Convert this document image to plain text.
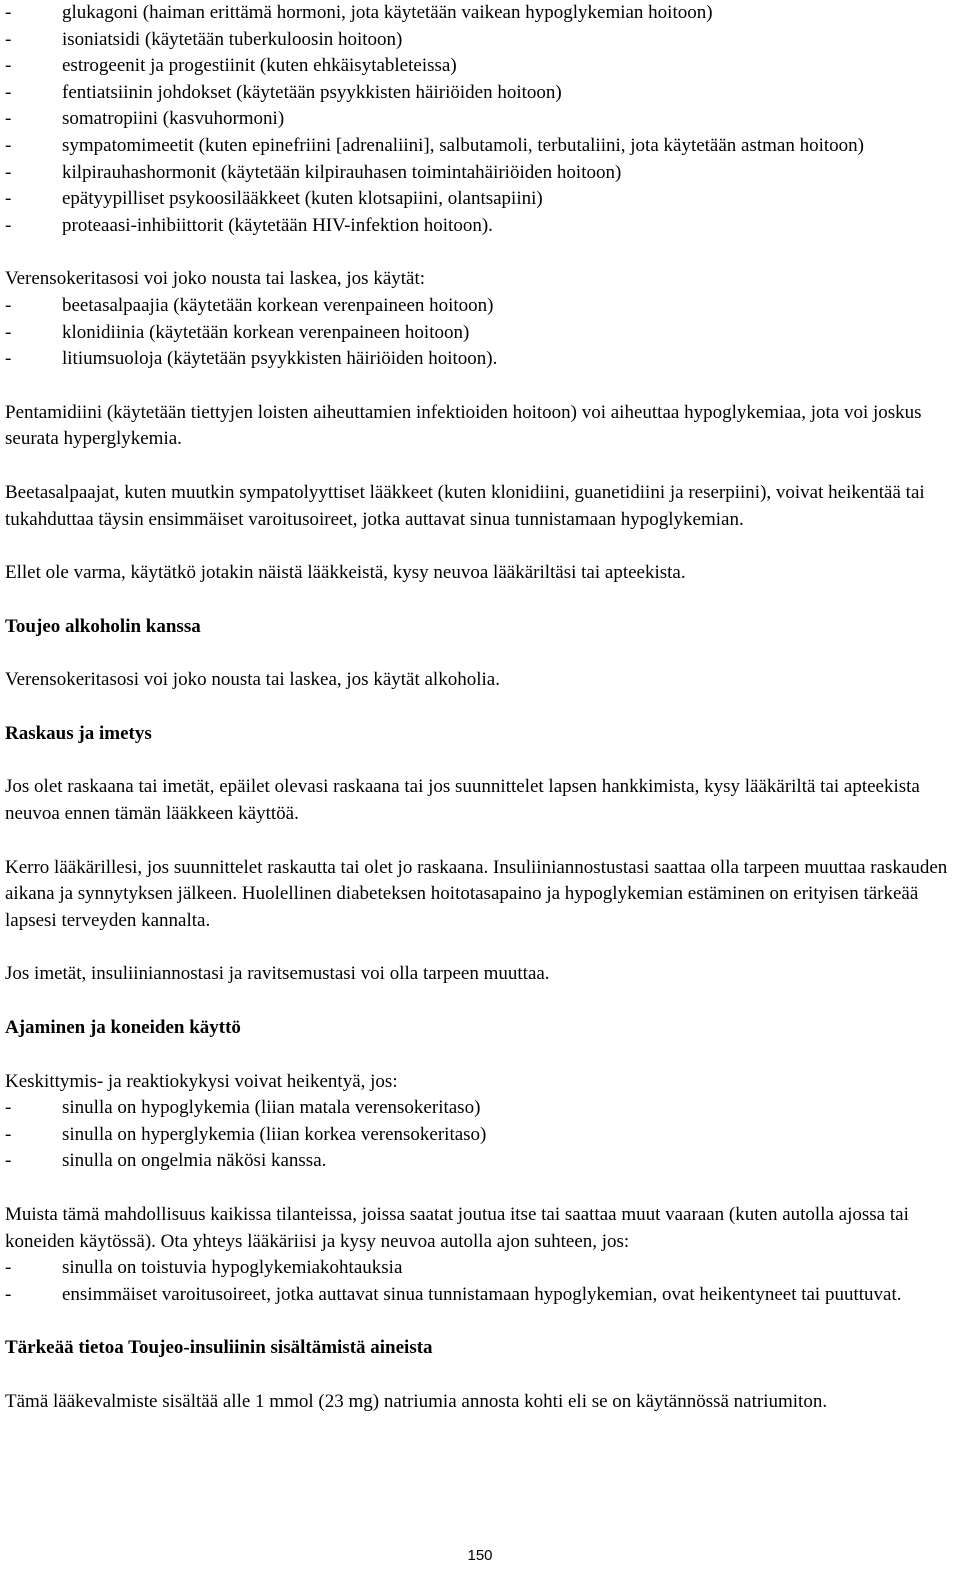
-	glukagoni (haiman erittämä hormoni, jota käytetään vaikean hypoglykemian hoitoon)
-	isoniatsidi (käytetään tuberkuloosin hoitoon)
-	estrogeenit ja progestiinit (kuten ehkäisytableteissa)
-	fentiatsiinin johdokset (käytetään psyykkisten häiriöiden hoitoon)
-	somatropiini (kasvuhormoni)
-	sympatomimeetit (kuten epinefriini [adrenaliini], salbutamoli, terbutaliini, jota käytetään astman hoitoon)
-	kilpirauhashormonit (käytetään kilpirauhasen toimintahäiriöiden hoitoon)
-	epätyypilliset psykoosilääkkeet (kuten klotsapiini, olantsapiini)
-	proteaasi-inhibiittorit (käytetään HIV-infektion hoitoon).

Verensokeritasosi voi joko nousta tai laskea, jos käytät:

-	beetasalpaajia (käytetään korkean verenpaineen hoitoon)
-	klonidiinia (käytetään korkean verenpaineen hoitoon)
-	litiumsuoloja (käytetään psyykkisten häiriöiden hoitoon).

Pentamidiini (käytetään tiettyjen loisten aiheuttamien infektioiden hoitoon) voi aiheuttaa hypoglykemiaa, jota voi joskus seurata hyperglykemia.

Beetasalpaajat, kuten muutkin sympatolyyttiset lääkkeet (kuten klonidiini, guanetidiini ja reserpiini), voivat heikentää tai tukahduttaa täysin ensimmäiset varoitusoireet, jotka auttavat sinua tunnistamaan hypoglykemian.

Ellet ole varma, käytätkö jotakin näistä lääkkeistä, kysy neuvoa lääkäriltäsi tai apteekista.

Toujeo alkoholin kanssa

Verensokeritasosi voi joko nousta tai laskea, jos käytät alkoholia.

Raskaus ja imetys

Jos olet raskaana tai imetät, epäilet olevasi raskaana tai jos suunnittelet lapsen hankkimista, kysy lääkäriltä tai apteekista neuvoa ennen tämän lääkkeen käyttöä.

Kerro lääkärillesi, jos suunnittelet raskautta tai olet jo raskaana. Insuliiniannostustasi saattaa olla tarpeen muuttaa raskauden aikana ja synnytyksen jälkeen. Huolellinen diabeteksen hoitotasapaino ja hypoglykemian estäminen on erityisen tärkeää lapsesi terveyden kannalta.

Jos imetät, insuliiniannostasi ja ravitsemustasi voi olla tarpeen muuttaa.

Ajaminen ja koneiden käyttö

Keskittymis- ja reaktiokykysi voivat heikentyä, jos:

-	sinulla on hypoglykemia (liian matala verensokeritaso)
-	sinulla on hyperglykemia (liian korkea verensokeritaso)
-	sinulla on ongelmia näkösi kanssa.

Muista tämä mahdollisuus kaikissa tilanteissa, joissa saatat joutua itse tai saattaa muut vaaraan (kuten autolla ajossa tai koneiden käytössä). Ota yhteys lääkäriisi ja kysy neuvoa autolla ajon suhteen, jos:

-	sinulla on toistuvia hypoglykemiakohtauksia
-	ensimmäiset varoitusoireet, jotka auttavat sinua tunnistamaan hypoglykemian, ovat heikentyneet tai puuttuvat.

Tärkeää tietoa Toujeo-insuliinin sisältämistä aineista

Tämä lääkevalmiste sisältää alle 1 mmol (23 mg) natriumia annosta kohti eli se on käytännössä natriumiton.

150
